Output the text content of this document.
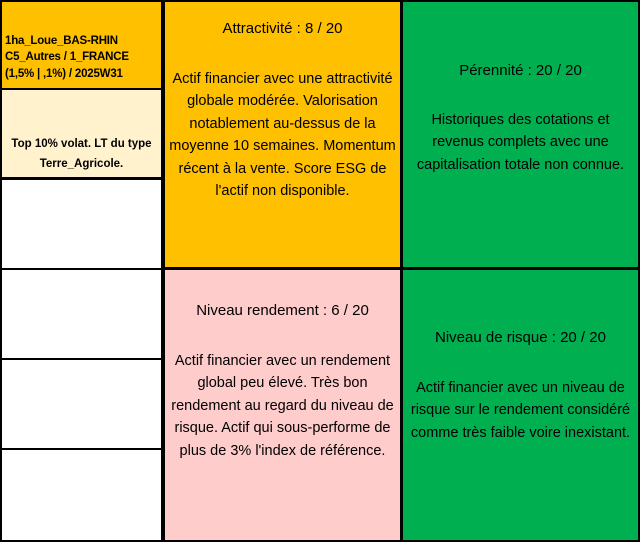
1ha_Loue_BAS-RHIN
C5_Autres / 1_FRANCE
(1,5% | ,1%) / 2025W31

Top 10% volat. LT du type
Terre_Agricole.

Attractivité : 8 / 20
Actif financier avec une attractivité globale modérée. Valorisation notablement au-dessus de la moyenne 10 semaines. Momentum récent à la vente. Score ESG de l'actif non disponible.
Pérennité : 20 / 20
Historiques des cotations et revenus complets avec une capitalisation totale non connue.
Niveau rendement : 6 / 20
Actif financier avec un rendement global peu élevé. Très bon rendement au regard du niveau de risque. Actif qui sous-performe de plus de 3% l'index de référence.
Niveau de risque : 20 / 20
Actif financier avec un niveau de risque sur le rendement considéré comme très faible voire inexistant.
